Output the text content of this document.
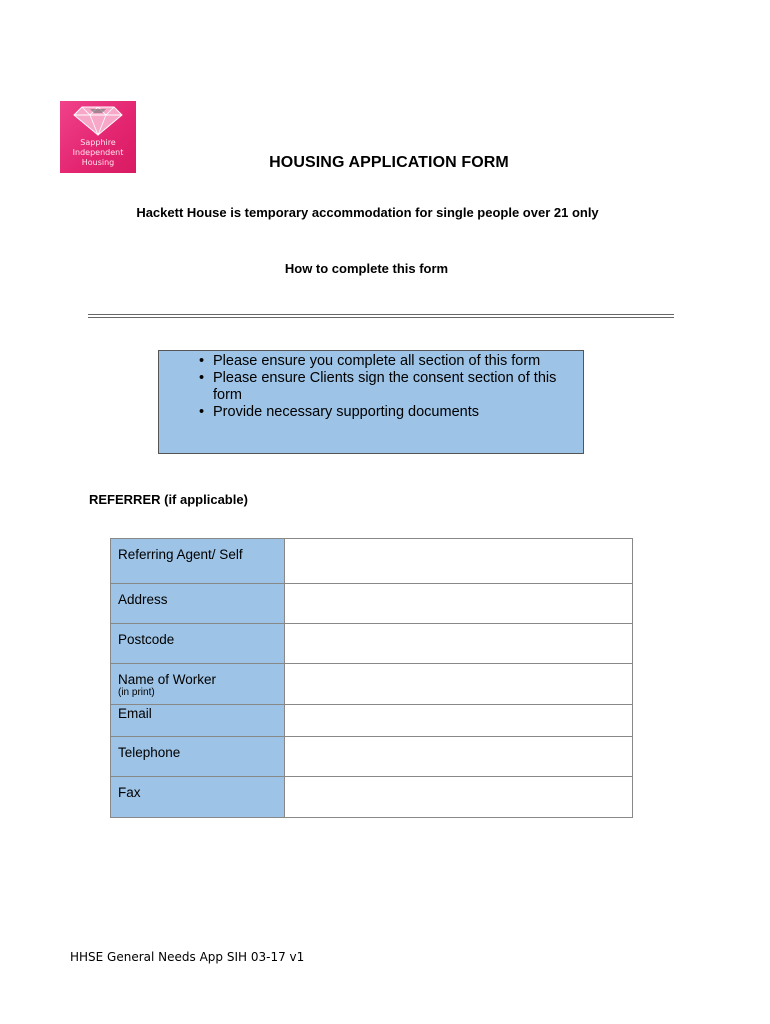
Sapphire
Independent
Housing	HOUSING APPLICATION FORM
Hackett House is temporary accommodation for single people over 21 only
How to complete this form
• Please ensure you complete all section of this form
• Please ensure Clients sign the consent section of this form
• Provide necessary supporting documents
REFERRER (if applicable)
Referring Agent/ Self	

Address	

Postcode	

Name of Worker
(in print)	

Email	

Telephone	

Fax	

HHSE General Needs App SIH 03-17 v1
